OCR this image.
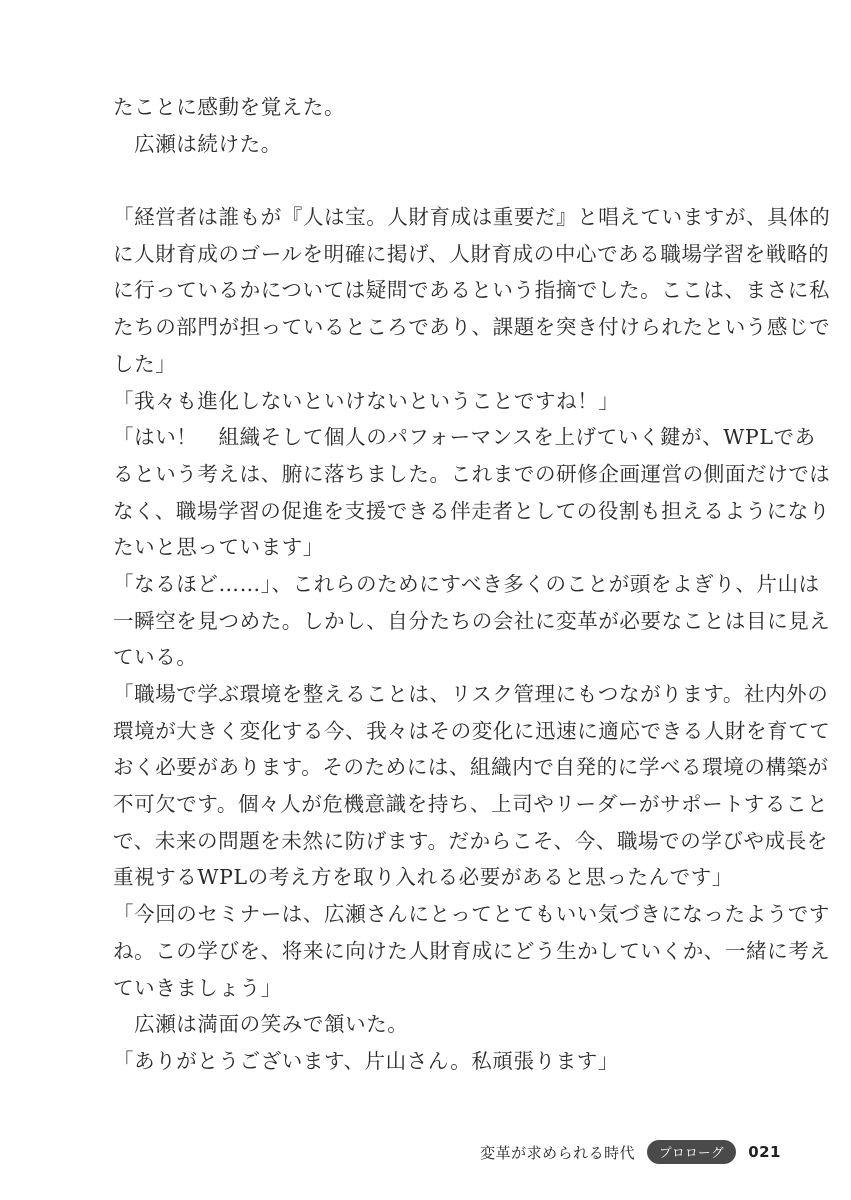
たことに感動を覚えた。
　広瀬は続けた。
「経営者は誰もが『人は宝。人財育成は重要だ』と唱えていますが、具体的
に人財育成のゴールを明確に掲げ、人財育成の中心である職場学習を戦略的
に行っているかについては疑問であるという指摘でした。ここは、まさに私
たちの部門が担っているところであり、課題を突き付けられたという感じで
した」
「我々も進化しないといけないということですね！」
「はい！　組織そして個人のパフォーマンスを上げていく鍵が、WPLであ
るという考えは、腑に落ちました。これまでの研修企画運営の側面だけでは
なく、職場学習の促進を支援できる伴走者としての役割も担えるようになり
たいと思っています」
「なるほど……」、これらのためにすべき多くのことが頭をよぎり、片山は
一瞬空を見つめた。しかし、自分たちの会社に変革が必要なことは目に見え
ている。
「職場で学ぶ環境を整えることは、リスク管理にもつながります。社内外の
環境が大きく変化する今、我々はその変化に迅速に適応できる人財を育てて
おく必要があります。そのためには、組織内で自発的に学べる環境の構築が
不可欠です。個々人が危機意識を持ち、上司やリーダーがサポートすること
で、未来の問題を未然に防げます。だからこそ、今、職場での学びや成長を
重視するWPLの考え方を取り入れる必要があると思ったんです」
「今回のセミナーは、広瀬さんにとってとてもいい気づきになったようです
ね。この学びを、将来に向けた人財育成にどう生かしていくか、一緒に考え
ていきましょう」
　広瀬は満面の笑みで頷いた。
「ありがとうございます、片山さん。私頑張ります」
変革が求められる時代	プロローグ	021
